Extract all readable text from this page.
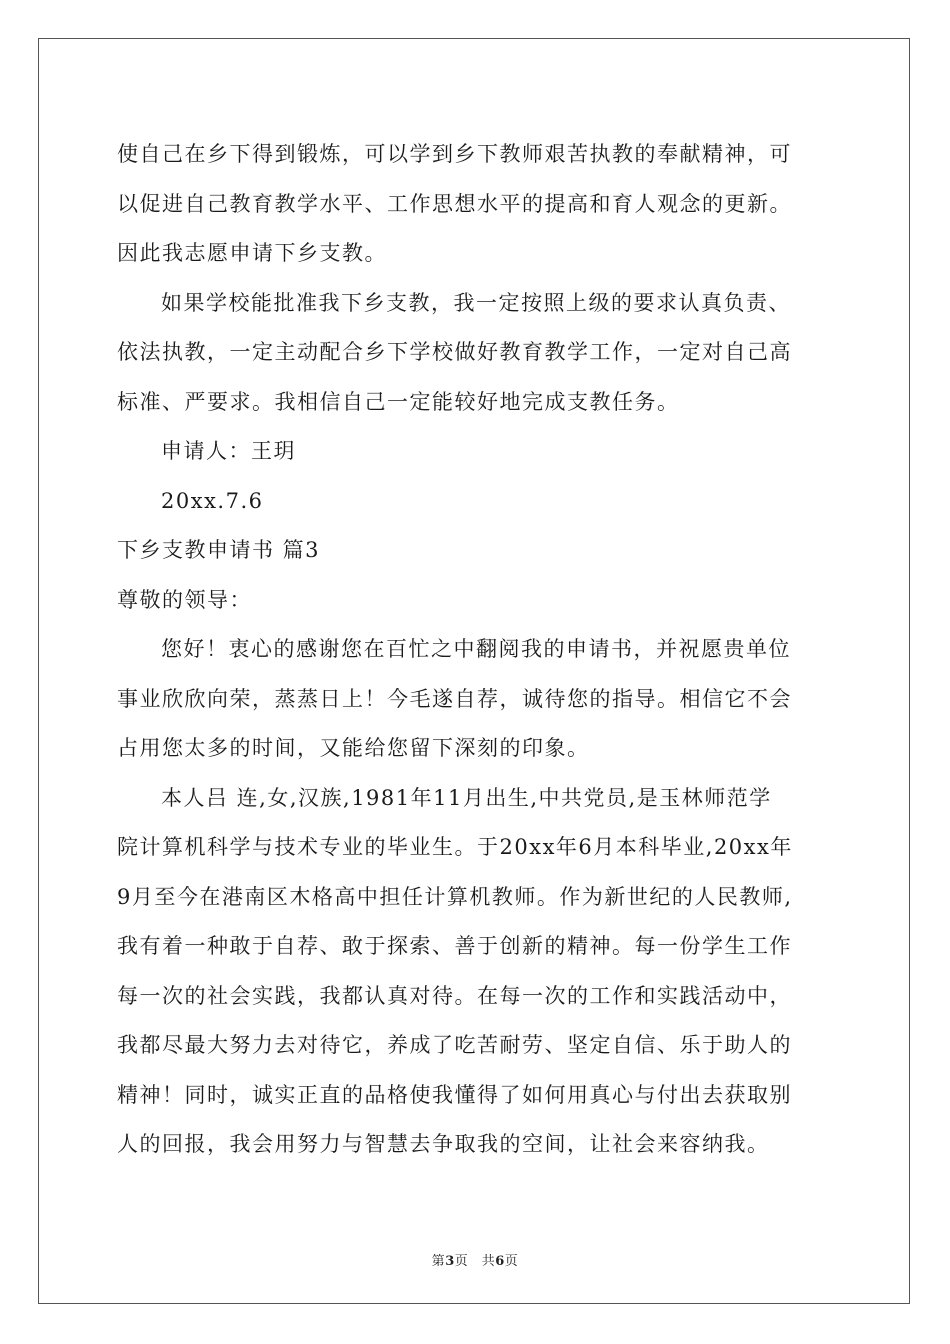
使自己在乡下得到锻炼，可以学到乡下教师艰苦执教的奉献精神，可
以促进自己教育教学水平、工作思想水平的提高和育人观念的更新。
因此我志愿申请下乡支教。
如果学校能批准我下乡支教，我一定按照上级的要求认真负责、
依法执教，一定主动配合乡下学校做好教育教学工作，一定对自己高
标准、严要求。我相信自己一定能较好地完成支教任务。
申请人：王玥
20xx.7.6
下乡支教申请书 篇3
尊敬的领导：
您好！衷心的感谢您在百忙之中翻阅我的申请书，并祝愿贵单位
事业欣欣向荣，蒸蒸日上！今毛遂自荐，诚待您的指导。相信它不会
占用您太多的时间，又能给您留下深刻的印象。
本人吕 连,女,汉族,1981年11月出生,中共党员,是玉林师范学
院计算机科学与技术专业的毕业生。于20xx年6月本科毕业,20xx年
9月至今在港南区木格高中担任计算机教师。作为新世纪的人民教师,
我有着一种敢于自荐、敢于探索、善于创新的精神。每一份学生工作
每一次的社会实践，我都认真对待。在每一次的工作和实践活动中，
我都尽最大努力去对待它，养成了吃苦耐劳、坚定自信、乐于助人的
精神！同时，诚实正直的品格使我懂得了如何用真心与付出去获取别
人的回报，我会用努力与智慧去争取我的空间，让社会来容纳我。
第3页　共6页
